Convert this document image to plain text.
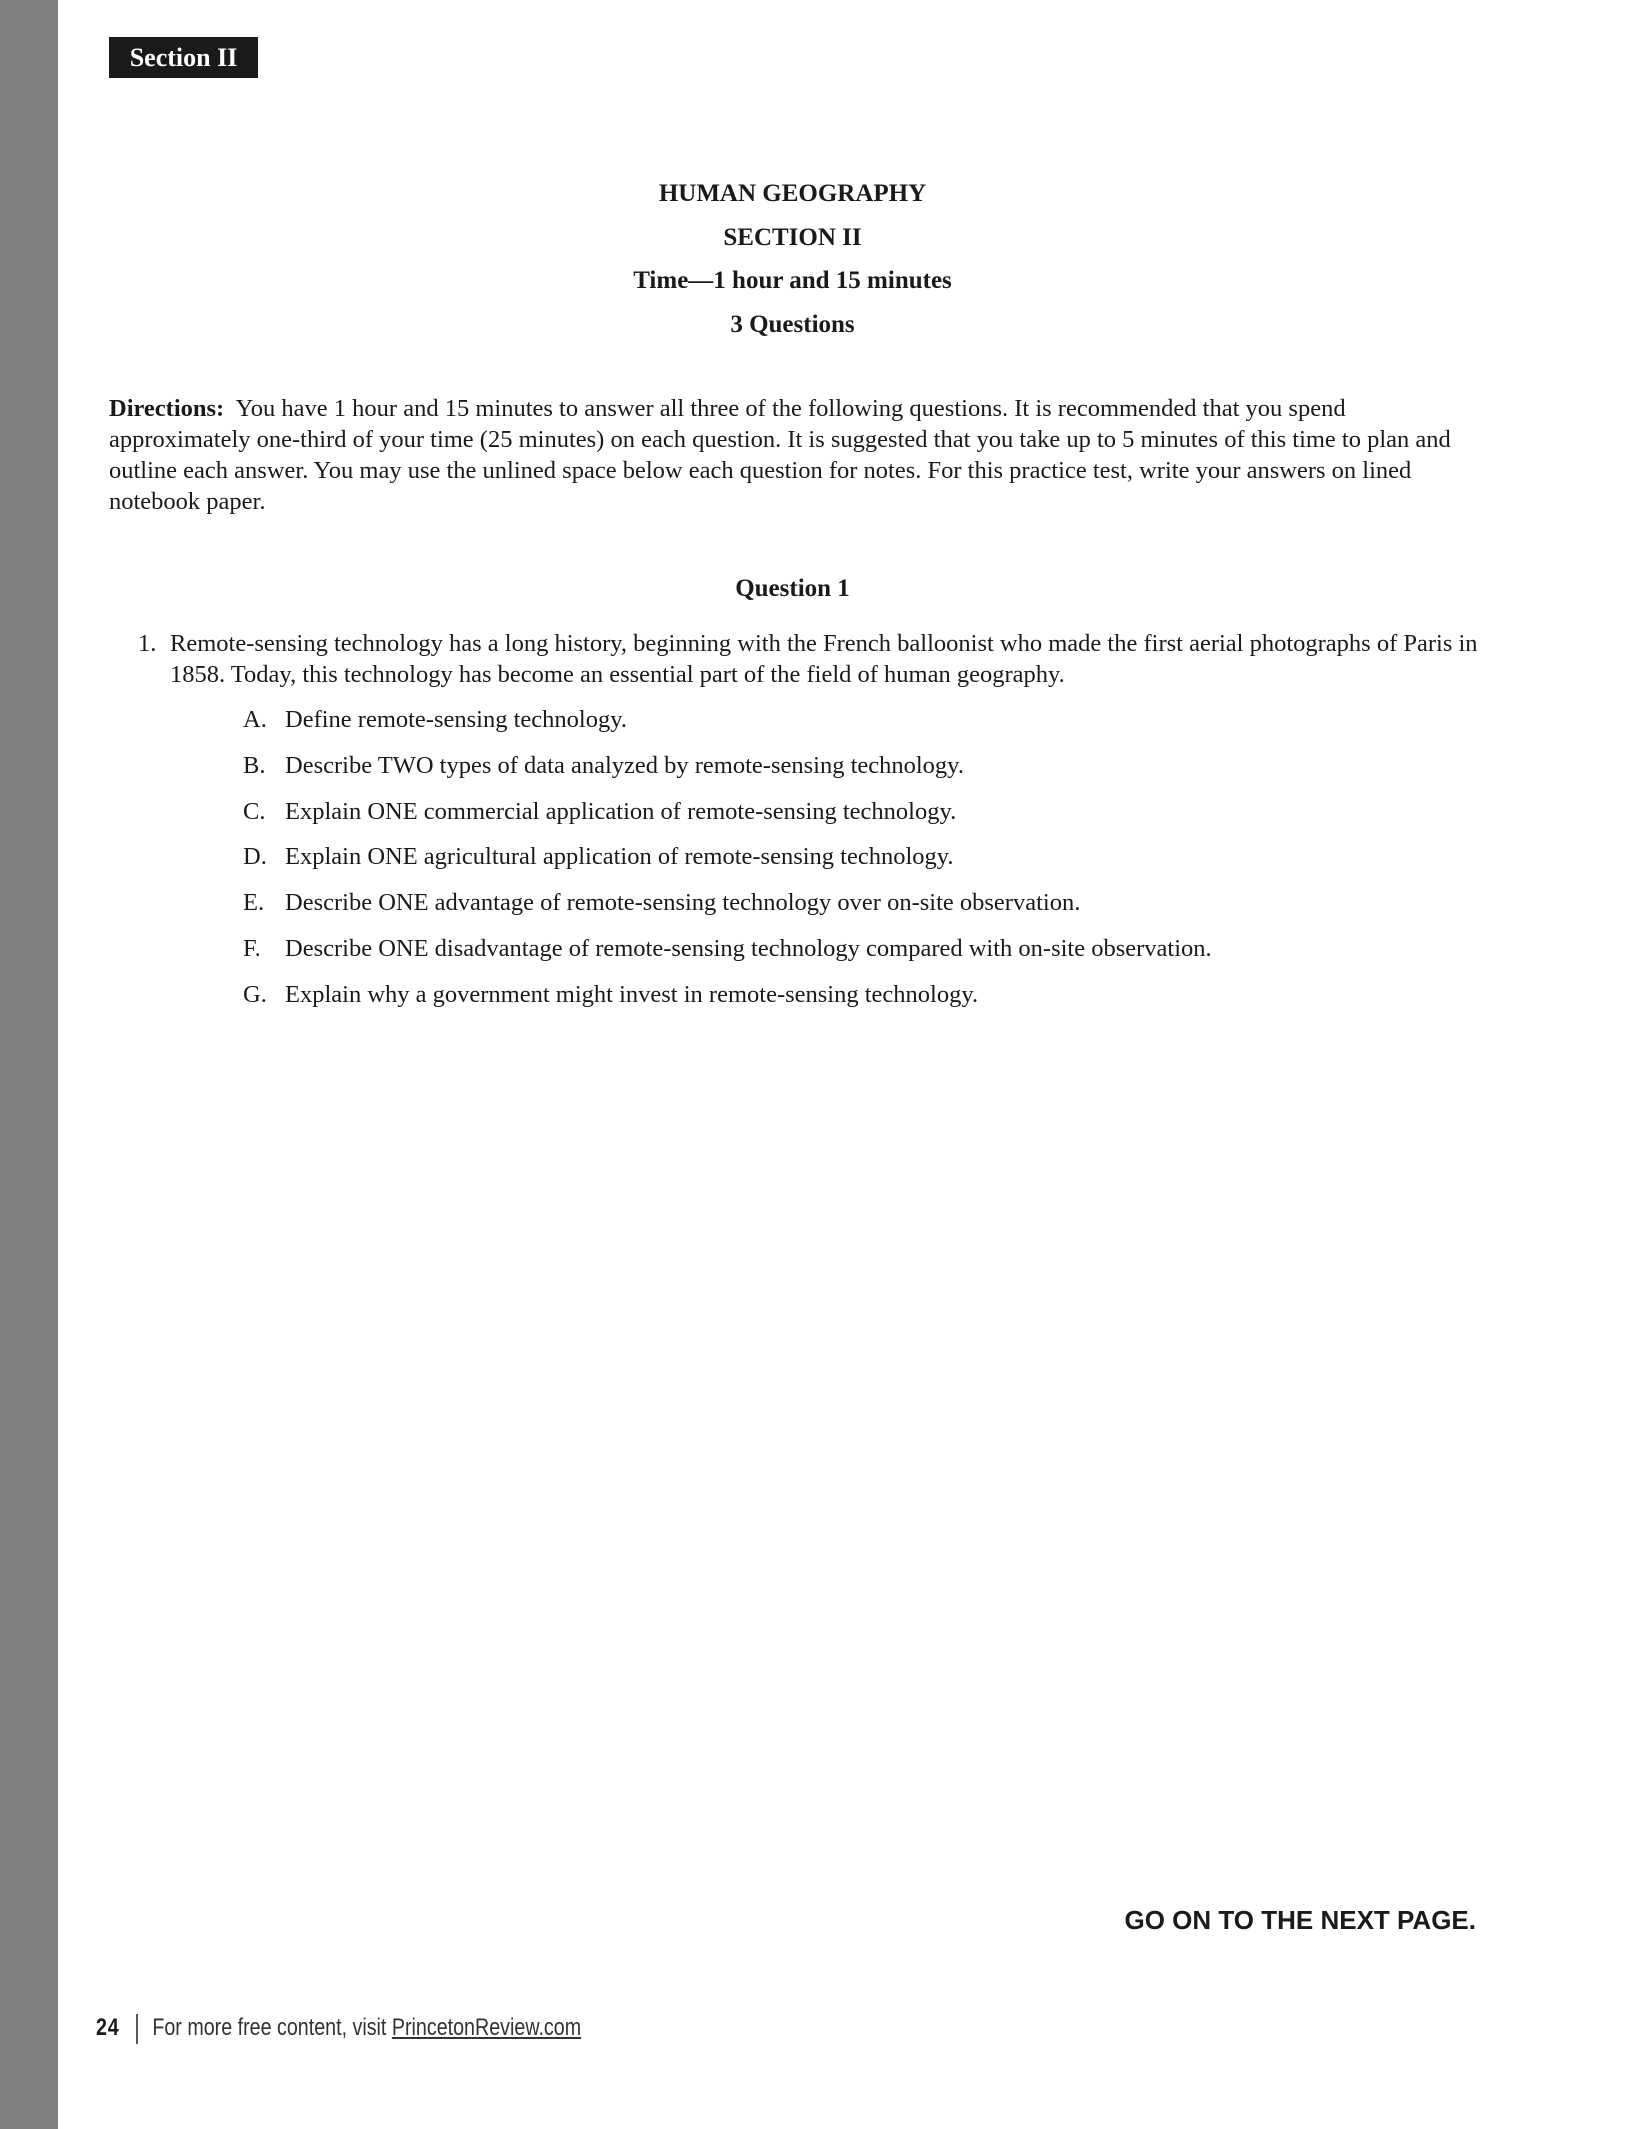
Section II
HUMAN GEOGRAPHY
SECTION II
Time—1 hour and 15 minutes
3 Questions
Directions: You have 1 hour and 15 minutes to answer all three of the following questions. It is recommended that you spend approximately one-third of your time (25 minutes) on each question. It is suggested that you take up to 5 minutes of this time to plan and outline each answer. You may use the unlined space below each question for notes. For this practice test, write your answers on lined notebook paper.
Question 1
1. Remote-sensing technology has a long history, beginning with the French balloonist who made the first aerial photographs of Paris in 1858. Today, this technology has become an essential part of the field of human geography.
A. Define remote-sensing technology.
B. Describe TWO types of data analyzed by remote-sensing technology.
C. Explain ONE commercial application of remote-sensing technology.
D. Explain ONE agricultural application of remote-sensing technology.
E. Describe ONE advantage of remote-sensing technology over on-site observation.
F. Describe ONE disadvantage of remote-sensing technology compared with on-site observation.
G. Explain why a government might invest in remote-sensing technology.
GO ON TO THE NEXT PAGE.
24 For more free content, visit PrincetonReview.com
